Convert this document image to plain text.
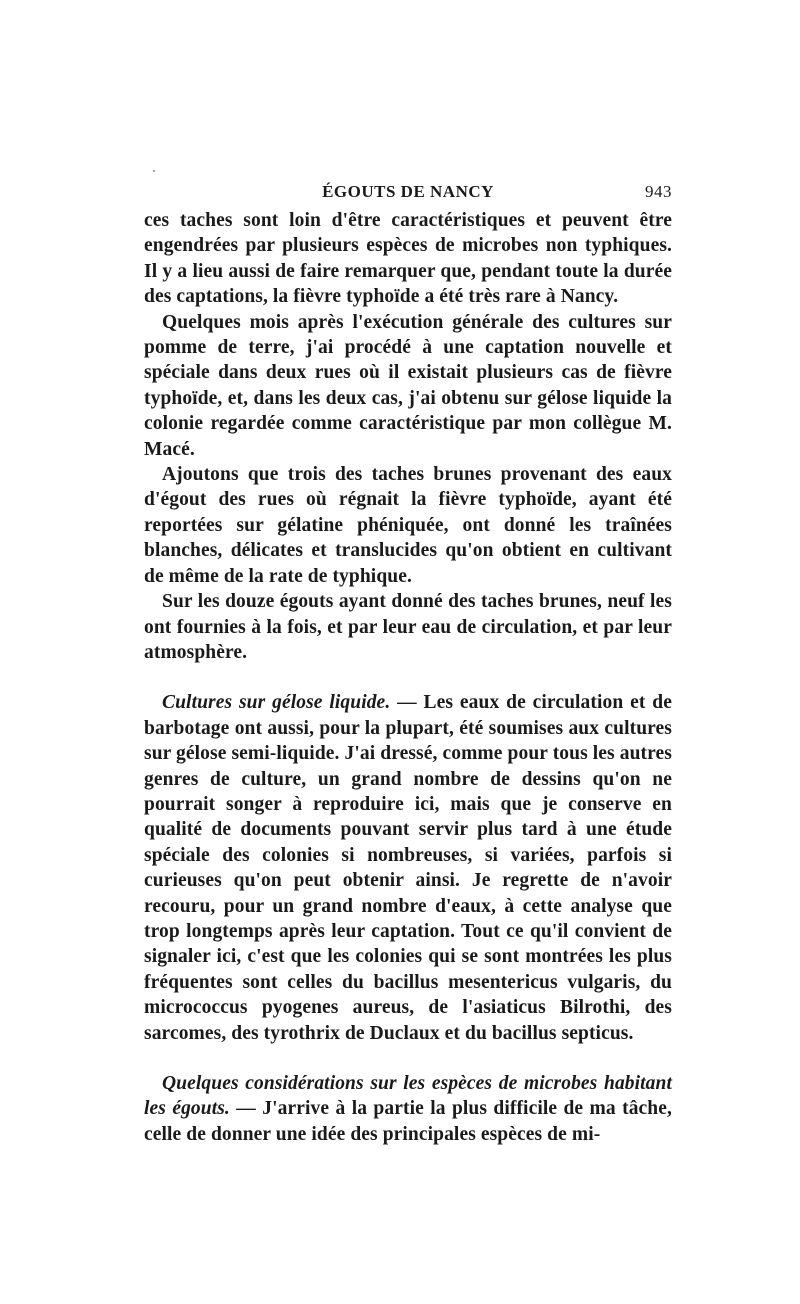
ÉGOUTS DE NANCY	943

ces taches sont loin d'être caractéristiques et peuvent être engendrées par plusieurs espèces de microbes non typhiques. Il y a lieu aussi de faire remarquer que, pendant toute la durée des captations, la fièvre typhoïde a été très rare à Nancy.

Quelques mois après l'exécution générale des cultures sur pomme de terre, j'ai procédé à une captation nouvelle et spéciale dans deux rues où il existait plusieurs cas de fièvre typhoïde, et, dans les deux cas, j'ai obtenu sur gélose liquide la colonie regardée comme caractéristique par mon collègue M. Macé.

Ajoutons que trois des taches brunes provenant des eaux d'égout des rues où régnait la fièvre typhoïde, ayant été reportées sur gélatine phéniquée, ont donné les traînées blanches, délicates et translucides qu'on obtient en cultivant de même de la rate de typhique.

Sur les douze égouts ayant donné des taches brunes, neuf les ont fournies à la fois, et par leur eau de circulation, et par leur atmosphère.

Cultures sur gélose liquide. — Les eaux de circulation et de barbotage ont aussi, pour la plupart, été soumises aux cultures sur gélose semi-liquide. J'ai dressé, comme pour tous les autres genres de culture, un grand nombre de dessins qu'on ne pourrait songer à reproduire ici, mais que je conserve en qualité de documents pouvant servir plus tard à une étude spéciale des colonies si nombreuses, si variées, parfois si curieuses qu'on peut obtenir ainsi. Je regrette de n'avoir recouru, pour un grand nombre d'eaux, à cette analyse que trop longtemps après leur captation. Tout ce qu'il convient de signaler ici, c'est que les colonies qui se sont montrées les plus fréquentes sont celles du bacillus mesentericus vulgaris, du micrococcus pyogenes aureus, de l'asiaticus Bilrothi, des sarcomes, des tyrothrix de Duclaux et du bacillus septicus.

Quelques considérations sur les espèces de microbes habitant les égouts. — J'arrive à la partie la plus difficile de ma tâche, celle de donner une idée des principales espèces de mi-
